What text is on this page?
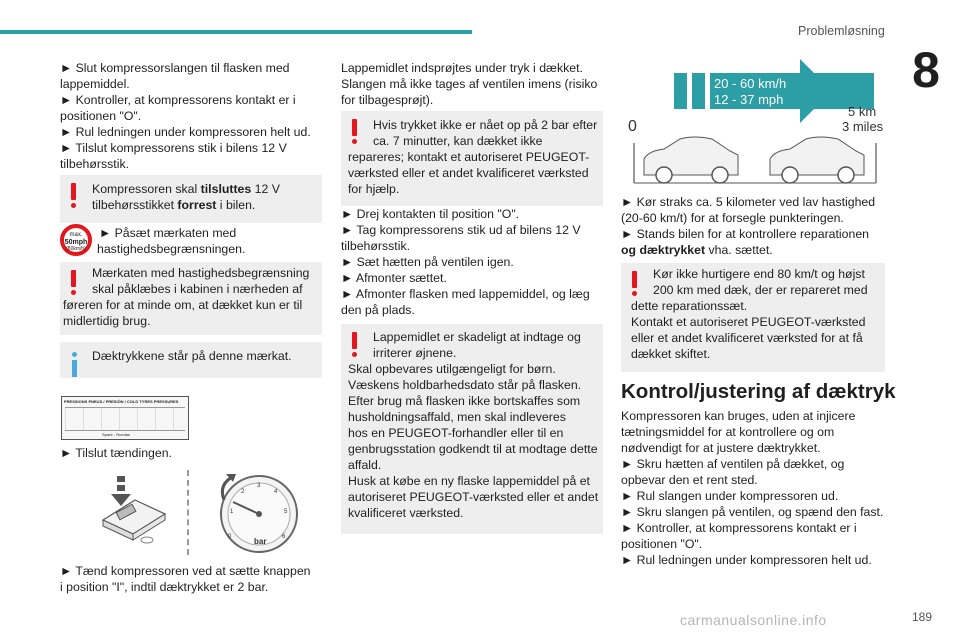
Problemløsning
8
► Slut kompressorslangen til flasken med
lappemiddel.
► Kontroller, at kompressorens kontakt er i
positionen "O".
► Rul ledningen under kompressoren helt ud.
► Tilslut kompressorens stik i bilens 12 V
tilbehørsstik.
Kompressoren skal tilsluttes 12 V
tilbehørsstikket forrest i bilen.
max.
50mph
(80km/h)
► Påsæt mærkaten med
hastighedsbegrænsningen.
Mærkaten med hastighedsbegrænsning
skal påklæbes i kabinen i nærheden af
føreren for at minde om, at dækket kun er til
midlertidig brug.
Dæktrykkene står på denne mærkat.
PRESSIONS PNEUS / PRESIÓN / COLD TYRES PRESSURES
Spare - Ruedas
► Tilslut tændingen.
0
1
2
3
4
5
6
bar
► Tænd kompressoren ved at sætte knappen
i position "I", indtil dæktrykket er 2 bar.
Lappemidlet indsprøjtes under tryk i dækket.
Slangen må ikke tages af ventilen imens (risiko
for tilbagesprøjt).
Hvis trykket ikke er nået op på 2 bar efter
ca. 7 minutter, kan dækket ikke
repareres; kontakt et autoriseret PEUGEOT-
værksted eller et andet kvalificeret værksted
for hjælp.
► Drej kontakten til position "O".
► Tag kompressorens stik ud af bilens 12 V
tilbehørsstik.
► Sæt hætten på ventilen igen.
► Afmonter sættet.
► Afmonter flasken med lappemiddel, og læg
den på plads.
Lappemidlet er skadeligt at indtage og
irriterer øjnene.
Skal opbevares utilgængeligt for børn.
Væskens holdbarhedsdato står på flasken.
Efter brug må flasken ikke bortskaffes som
husholdningsaffald, men skal indleveres
hos en PEUGEOT-forhandler eller til en
genbrugsstation godkendt til at modtage dette
affald.
Husk at købe en ny flaske lappemiddel på et
autoriseret PEUGEOT-værksted eller et andet
kvalificeret værksted.
20 - 60 km/h
12 - 37 mph
0
5 km
3 miles
► Kør straks ca. 5 kilometer ved lav hastighed
(20-60 km/t) for at forsegle punkteringen.
► Stands bilen for at kontrollere reparationen
og dæktrykket vha. sættet.
Kør ikke hurtigere end 80 km/t og højst
200 km med dæk, der er repareret med
dette reparationssæt.
Kontakt et autoriseret PEUGEOT-værksted
eller et andet kvalificeret værksted for at få
dækket skiftet.
Kontrol/justering af dæktryk
Kompressoren kan bruges, uden at injicere
tætningsmiddel for at kontrollere og om
nødvendigt for at justere dæktrykket.
► Skru hætten af ventilen på dækket, og
opbevar den et rent sted.
► Rul slangen under kompressoren ud.
► Skru slangen på ventilen, og spænd den fast.
► Kontroller, at kompressorens kontakt er i
positionen "O".
► Rul ledningen under kompressoren helt ud.
carmanualsonline.info	189
